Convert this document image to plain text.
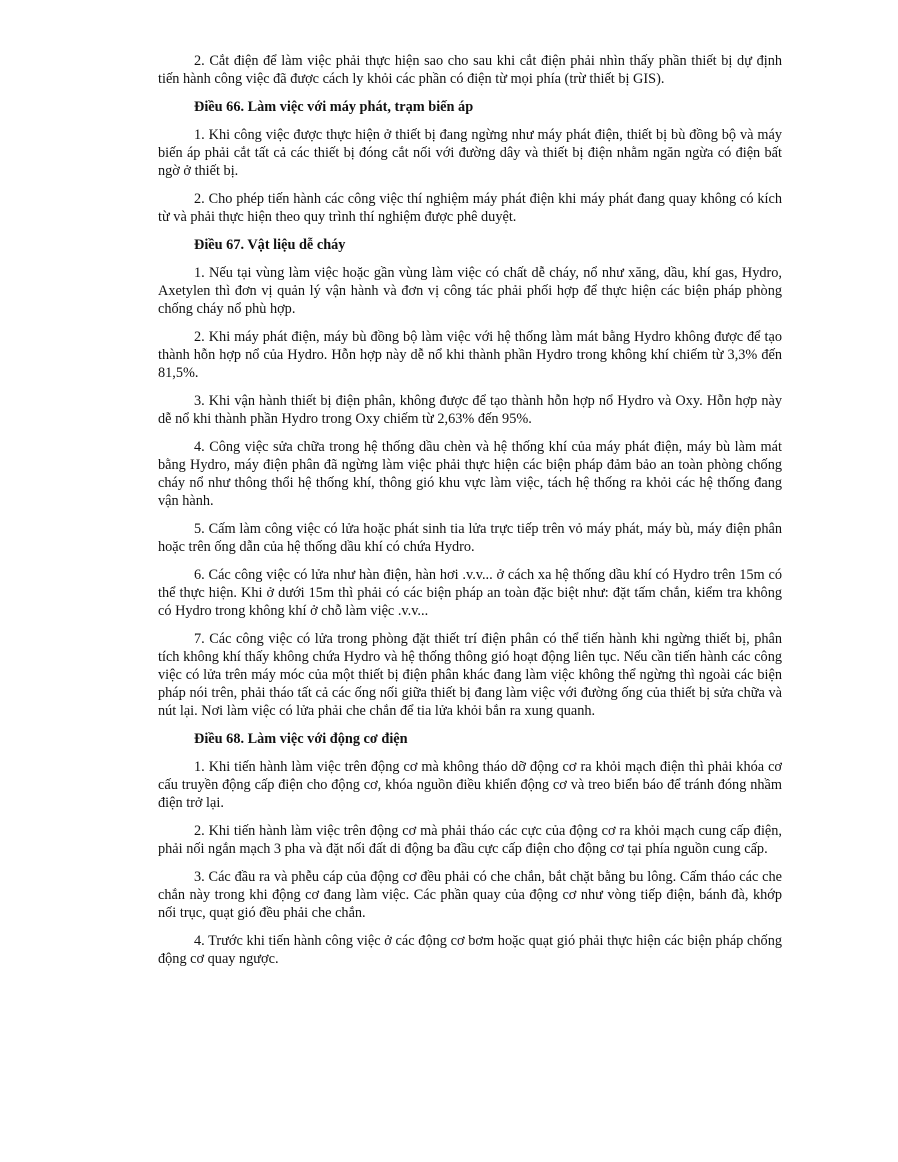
2. Cắt điện để làm việc phải thực hiện sao cho sau khi cắt điện phải nhìn thấy phần thiết bị dự định tiến hành công việc đã được cách ly khỏi các phần có điện từ mọi phía (trừ thiết bị GIS).

Điều 66. Làm việc với máy phát, trạm biến áp

1. Khi công việc được thực hiện ở thiết bị đang ngừng như máy phát điện, thiết bị bù đồng bộ và máy biến áp phải cắt tất cả các thiết bị đóng cắt nối với đường dây và thiết bị điện nhằm ngăn ngừa có điện bất ngờ ở thiết bị.

2. Cho phép tiến hành các công việc thí nghiệm máy phát điện khi máy phát đang quay không có kích từ và phải thực hiện theo quy trình thí nghiệm được phê duyệt.

Điều 67. Vật liệu dễ cháy

1. Nếu tại vùng làm việc hoặc gần vùng làm việc có chất dễ cháy, nổ như xăng, dầu, khí gas, Hydro, Axetylen thì đơn vị quản lý vận hành và đơn vị công tác phải phối hợp để thực hiện các biện pháp phòng chống cháy nổ phù hợp.

2. Khi máy phát điện, máy bù đồng bộ làm việc với hệ thống làm mát bằng Hydro không được để tạo thành hỗn hợp nổ của Hydro. Hỗn hợp này dễ nổ khi thành phần Hydro trong không khí chiếm từ 3,3% đến 81,5%.

3. Khi vận hành thiết bị điện phân, không được để tạo thành hỗn hợp nổ Hydro và Oxy. Hỗn hợp này dễ nổ khi thành phần Hydro trong Oxy chiếm từ 2,63% đến 95%.

4. Công việc sửa chữa trong hệ thống dầu chèn và hệ thống khí của máy phát điện, máy bù làm mát bằng Hydro, máy điện phân đã ngừng làm việc phải thực hiện các biện pháp đảm bảo an toàn phòng chống cháy nổ như thông thổi hệ thống khí, thông gió khu vực làm việc, tách hệ thống ra khỏi các hệ thống đang vận hành.

5. Cấm làm công việc có lửa hoặc phát sinh tia lửa trực tiếp trên vỏ máy phát, máy bù, máy điện phân hoặc trên ống dẫn của hệ thống dầu khí có chứa Hydro.

6. Các công việc có lửa như hàn điện, hàn hơi .v.v... ở cách xa hệ thống dầu khí có Hydro trên 15m có thể thực hiện. Khi ở dưới 15m thì phải có các biện pháp an toàn đặc biệt như: đặt tấm chắn, kiểm tra không có Hydro trong không khí ở chỗ làm việc .v.v...

7. Các công việc có lửa trong phòng đặt thiết trí điện phân có thể tiến hành khi ngừng thiết bị, phân tích không khí thấy không chứa Hydro và hệ thống thông gió hoạt động liên tục. Nếu cần tiến hành các công việc có lửa trên máy móc của một thiết bị điện phân khác đang làm việc không thể ngừng thì ngoài các biện pháp nói trên, phải tháo tất cả các ống nối giữa thiết bị đang làm việc với đường ống của thiết bị sửa chữa và nút lại. Nơi làm việc có lửa phải che chắn để tia lửa khỏi bắn ra xung quanh.

Điều 68. Làm việc với động cơ điện

1. Khi tiến hành làm việc trên động cơ mà không tháo dỡ động cơ ra khỏi mạch điện thì phải khóa cơ cấu truyền động cấp điện cho động cơ, khóa nguồn điều khiển động cơ và treo biển báo để tránh đóng nhầm điện trở lại.

2. Khi tiến hành làm việc trên động cơ mà phải tháo các cực của động cơ ra khỏi mạch cung cấp điện, phải nối ngắn mạch 3 pha và đặt nối đất di động ba đầu cực cấp điện cho động cơ tại phía nguồn cung cấp.

3. Các đầu ra và phễu cáp của động cơ đều phải có che chắn, bắt chặt bằng bu lông. Cấm tháo các che chắn này trong khi động cơ đang làm việc. Các phần quay của động cơ như vòng tiếp điện, bánh đà, khớp nối trục, quạt gió đều phải che chắn.

4. Trước khi tiến hành công việc ở các động cơ bơm hoặc quạt gió phải thực hiện các biện pháp chống động cơ quay ngược.
